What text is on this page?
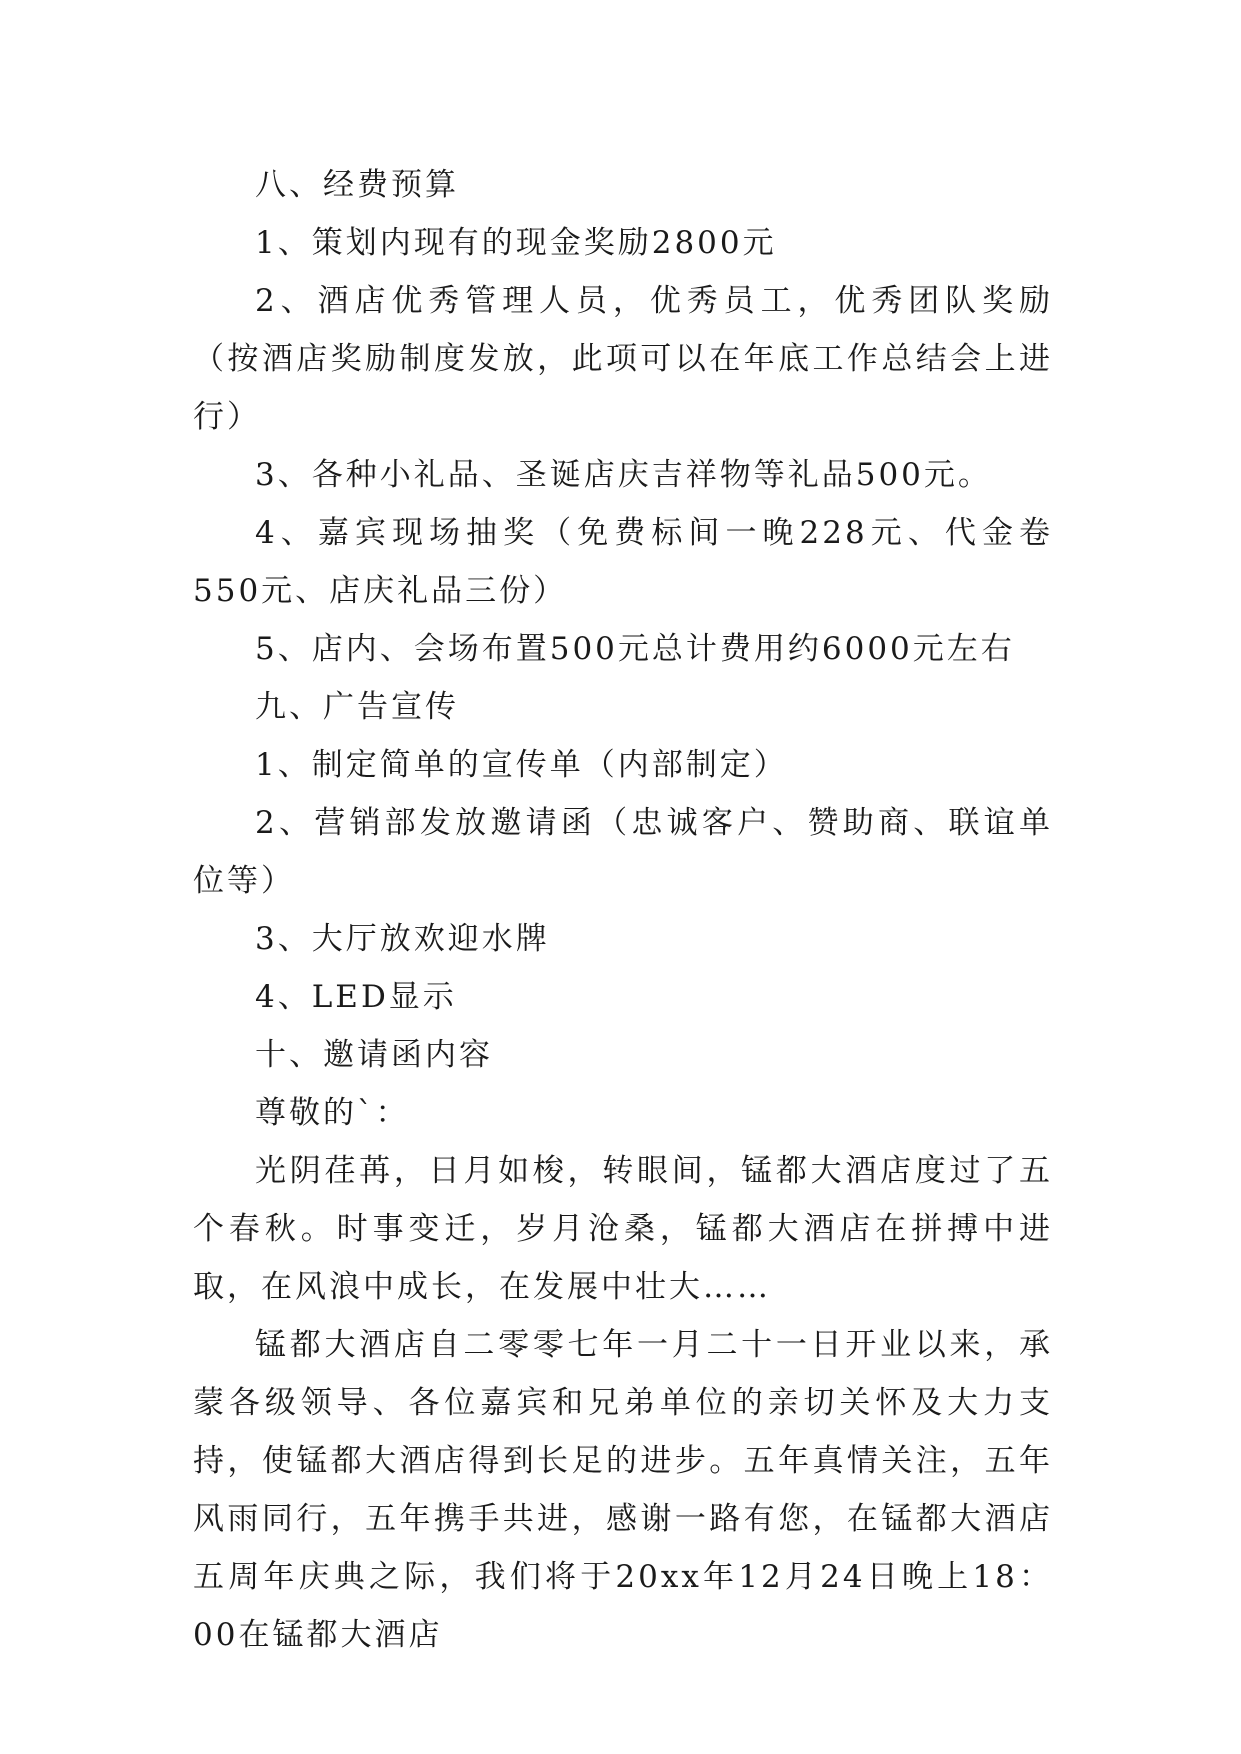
八、经费预算

1、策划内现有的现金奖励2800元

2、酒店优秀管理人员，优秀员工，优秀团队奖励（按酒店奖励制度发放，此项可以在年底工作总结会上进行）

3、各种小礼品、圣诞店庆吉祥物等礼品500元。

4、嘉宾现场抽奖（免费标间一晚228元、代金卷550元、店庆礼品三份）

5、店内、会场布置500元总计费用约6000元左右

九、广告宣传

1、制定简单的宣传单（内部制定）

2、营销部发放邀请函（忠诚客户、赞助商、联谊单位等）

3、大厅放欢迎水牌

4、LED显示

十、邀请函内容

尊敬的`：

光阴荏苒，日月如梭，转眼间，锰都大酒店度过了五个春秋。时事变迁，岁月沧桑，锰都大酒店在拼搏中进取，在风浪中成长，在发展中壮大……

锰都大酒店自二零零七年一月二十一日开业以来，承蒙各级领导、各位嘉宾和兄弟单位的亲切关怀及大力支持，使锰都大酒店得到长足的进步。五年真情关注，五年风雨同行，五年携手共进，感谢一路有您，在锰都大酒店五周年庆典之际，我们将于20xx年12月24日晚上18：00在锰都大酒店
